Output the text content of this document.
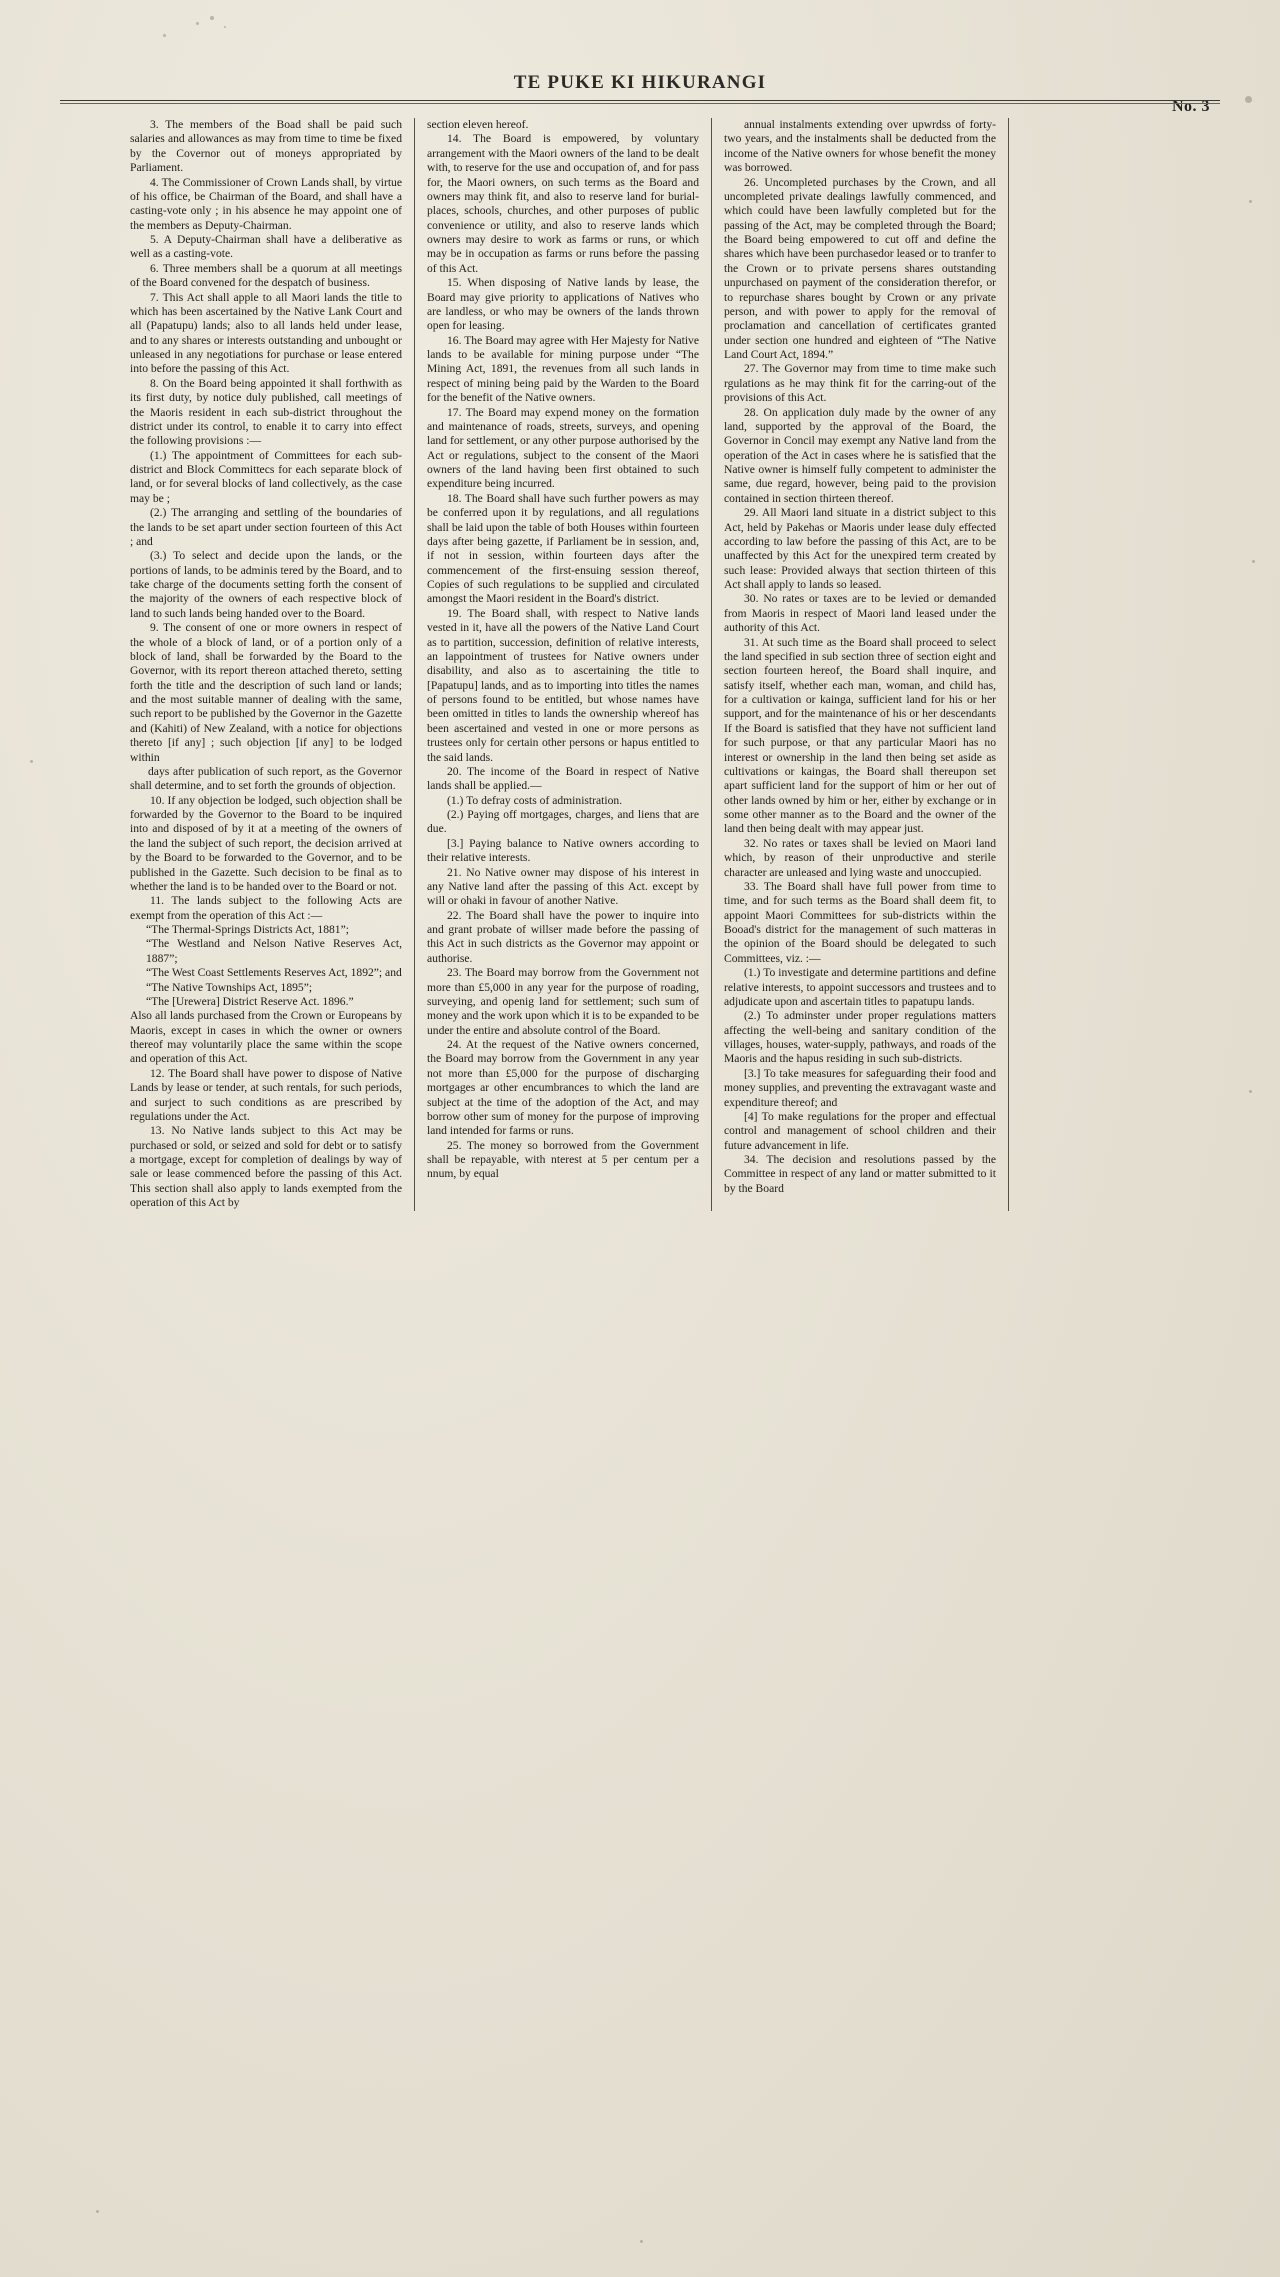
TE PUKE KI HIKURANGI
No. 3

3. The members of the Boad shall be paid such salaries and allowances as may from time to time be fixed by the Covernor out of moneys appropriated by Parliament.

4. The Commissioner of Crown Lands shall, by virtue of his office, be Chairman of the Board, and shall have a casting-vote only ; in his absence he may appoint one of the members as Deputy-Chairman.

5. A Deputy-Chairman shall have a deliberative as well as a casting-vote.

6. Three members shall be a quorum at all meetings of the Board convened for the despatch of business.

7. This Act shall apple to all Maori lands the title to which has been ascertained by the Native Lank Court and all (Papatupu) lands; also to all lands held under lease, and to any shares or interests outstanding and unbought or unleased in any negotiations for purchase or lease entered into before the passing of this Act.

8. On the Board being appointed it shall forthwith as its first duty, by notice duly published, call meetings of the Maoris resident in each sub-district throughout the district under its control, to enable it to carry into effect the following provisions :—

(1.) The appointment of Committees for each sub-district and Block Committecs for each separate block of land, or for several blocks of land collectively, as the case may be ;

(2.) The arranging and settling of the boundaries of the lands to be set apart under section fourteen of this Act ; and

(3.) To select and decide upon the lands, or the portions of lands, to be adminis tered by the Board, and to take charge of the documents setting forth the consent of the majority of the owners of each respective block of land to such lands being handed over to the Board.

9. The consent of one or more owners in respect of the whole of a block of land, or of a portion only of a block of land, shall be forwarded by the Board to the Governor, with its report thereon attached thereto, setting forth the title and the description of such land or lands; and the most suitable manner of dealing with the same, such report to be published by the Governor in the Gazette and (Kahiti) of New Zealand, with a notice for objections thereto [if any] ; such objection [if any] to be lodged within

days after publication of such report, as the Governor shall determine, and to set forth the grounds of objection.

10. If any objection be lodged, such objection shall be forwarded by the Governor to the Board to be inquired into and disposed of by it at a meeting of the owners of the land the subject of such report, the decision arrived at by the Board to be forwarded to the Governor, and to be published in the Gazette. Such decision to be final as to whether the land is to be handed over to the Board or not.

11. The lands subject to the following Acts are exempt from the operation of this Act :—

“The Thermal-Springs Districts Act, 1881”;

“The Westland and Nelson Native Reserves Act, 1887”;

“The West Coast Settlements Reserves Act, 1892”; and

“The Native Townships Act, 1895”;

“The [Urewera] District Reserve Act. 1896.”

Also all lands purchased from the Crown or Europeans by Maoris, except in cases in which the owner or owners thereof may voluntarily place the same within the scope and operation of this Act.

12. The Board shall have power to dispose of Native Lands by lease or tender, at such rentals, for such periods, and surject to such conditions as are prescribed by regulations under the Act.

13. No Native lands subject to this Act may be purchased or sold, or seized and sold for debt or to satisfy a mortgage, except for completion of dealings by way of sale or lease commenced before the passing of this Act. This section shall also apply to lands exempted from the operation of this Act by

section eleven hereof.

14. The Board is empowered, by voluntary arrangement with the Maori owners of the land to be dealt with, to reserve for the use and occupation of, and for pass for, the Maori owners, on such terms as the Board and owners may think fit, and also to reserve land for burial-places, schools, churches, and other purposes of public convenience or utility, and also to reserve lands which owners may desire to work as farms or runs, or which may be in occupation as farms or runs before the passing of this Act.

15. When disposing of Native lands by lease, the Board may give priority to applications of Natives who are landless, or who may be owners of the lands thrown open for leasing.

16. The Board may agree with Her Majesty for Native lands to be available for mining purpose under “The Mining Act, 1891, the revenues from all such lands in respect of mining being paid by the Warden to the Board for the benefit of the Native owners.

17. The Board may expend money on the formation and maintenance of roads, streets, surveys, and opening land for settlement, or any other purpose authorised by the Act or regulations, subject to the consent of the Maori owners of the land having been first obtained to such expenditure being incurred.

18. The Board shall have such further powers as may be conferred upon it by regulations, and all regulations shall be laid upon the table of both Houses within fourteen days after being gazette, if Parliament be in session, and, if not in session, within fourteen days after the commencement of the first-ensuing session thereof, Copies of such regulations to be supplied and circulated amongst the Maori resident in the Board's district.

19. The Board shall, with respect to Native lands vested in it, have all the powers of the Native Land Court as to partition, succession, definition of relative interests, an lappointment of trustees for Native owners under disability, and also as to ascertaining the title to [Papatupu] lands, and as to importing into titles the names of persons found to be entitled, but whose names have been omitted in titles to lands the ownership whereof has been ascertained and vested in one or more persons as trustees only for certain other persons or hapus entitled to the said lands.

20. The income of the Board in respect of Native lands shall be applied.—

(1.) To defray costs of administration.

(2.) Paying off mortgages, charges, and liens that are due.

[3.] Paying balance to Native owners according to their relative interests.

21. No Native owner may dispose of his interest in any Native land after the passing of this Act. except by will or ohaki in favour of another Native.

22. The Board shall have the power to inquire into and grant probate of willser made before the passing of this Act in such districts as the Governor may appoint or authorise.

23. The Board may borrow from the Government not more than £5,000 in any year for the purpose of roading, surveying, and openig land for settlement; such sum of money and the work upon which it is to be expanded to be under the entire and absolute control of the Board.

24. At the request of the Native owners concerned, the Board may borrow from the Government in any year not more than £5,000 for the purpose of discharging mortgages ar other encumbrances to which the land are subject at the time of the adoption of the Act, and may borrow other sum of money for the purpose of improving land intended for farms or runs.

25. The money so borrowed from the Government shall be repayable, with nterest at 5 per centum per a nnum, by equal

annual instalments extending over upwrdss of forty-two years, and the instalments shall be deducted from the income of the Native owners for whose benefit the money was borrowed.

26. Uncompleted purchases by the Crown, and all uncompleted private dealings lawfully commenced, and which could have been lawfully completed but for the passing of the Act, may be completed through the Board; the Board being empowered to cut off and define the shares which have been purchasedor leased or to tranfer to the Crown or to private persens shares outstanding unpurchased on payment of the consideration therefor, or to repurchase shares bought by Crown or any private person, and with power to apply for the removal of proclamation and cancellation of certificates granted under section one hundred and eighteen of “The Native Land Court Act, 1894.”

27. The Governor may from time to time make such rgulations as he may think fit for the carring-out of the provisions of this Act.

28. On application duly made by the owner of any land, supported by the approval of the Board, the Governor in Concil may exempt any Native land from the operation of the Act in cases where he is satisfied that the Native owner is himself fully competent to administer the same, due regard, however, being paid to the provision contained in section thirteen thereof.

29. All Maori land situate in a district subject to this Act, held by Pakehas or Maoris under lease duly effected according to law before the passing of this Act, are to be unaffected by this Act for the unexpired term created by such lease: Provided always that section thirteen of this Act shall apply to lands so leased.

30. No rates or taxes are to be levied or demanded from Maoris in respect of Maori land leased under the authority of this Act.

31. At such time as the Board shall proceed to select the land specified in sub section three of section eight and section fourteen hereof, the Board shall inquire, and satisfy itself, whether each man, woman, and child has, for a cultivation or kainga, sufficient land for his or her support, and for the maintenance of his or her descendants If the Board is satisfied that they have not sufficient land for such purpose, or that any particular Maori has no interest or ownership in the land then being set aside as cultivations or kaingas, the Board shall thereupon set apart sufficient land for the support of him or her out of other lands owned by him or her, either by exchange or in some other manner as to the Board and the owner of the land then being dealt with may appear just.

32. No rates or taxes shall be levied on Maori land which, by reason of their unproductive and sterile character are unleased and lying waste and unoccupied.

33. The Board shall have full power from time to time, and for such terms as the Board shall deem fit, to appoint Maori Committees for sub-districts within the Booad's district for the management of such matteras in the opinion of the Board should be delegated to such Committees, viz. :—

(1.) To investigate and determine partitions and define relative interests, to appoint successors and trustees and to adjudicate upon and ascertain titles to papatupu lands.

(2.) To adminster under proper regulations matters affecting the well-being and sanitary condition of the villages, houses, water-supply, pathways, and roads of the Maoris and the hapus residing in such sub-districts.

[3.] To take measures for safeguarding their food and money supplies, and preventing the extravagant waste and expenditure thereof; and

[4] To make regulations for the proper and effectual control and management of school children and their future advancement in life.

34. The decision and resolutions passed by the Committee in respect of any land or matter submitted to it by the Board
